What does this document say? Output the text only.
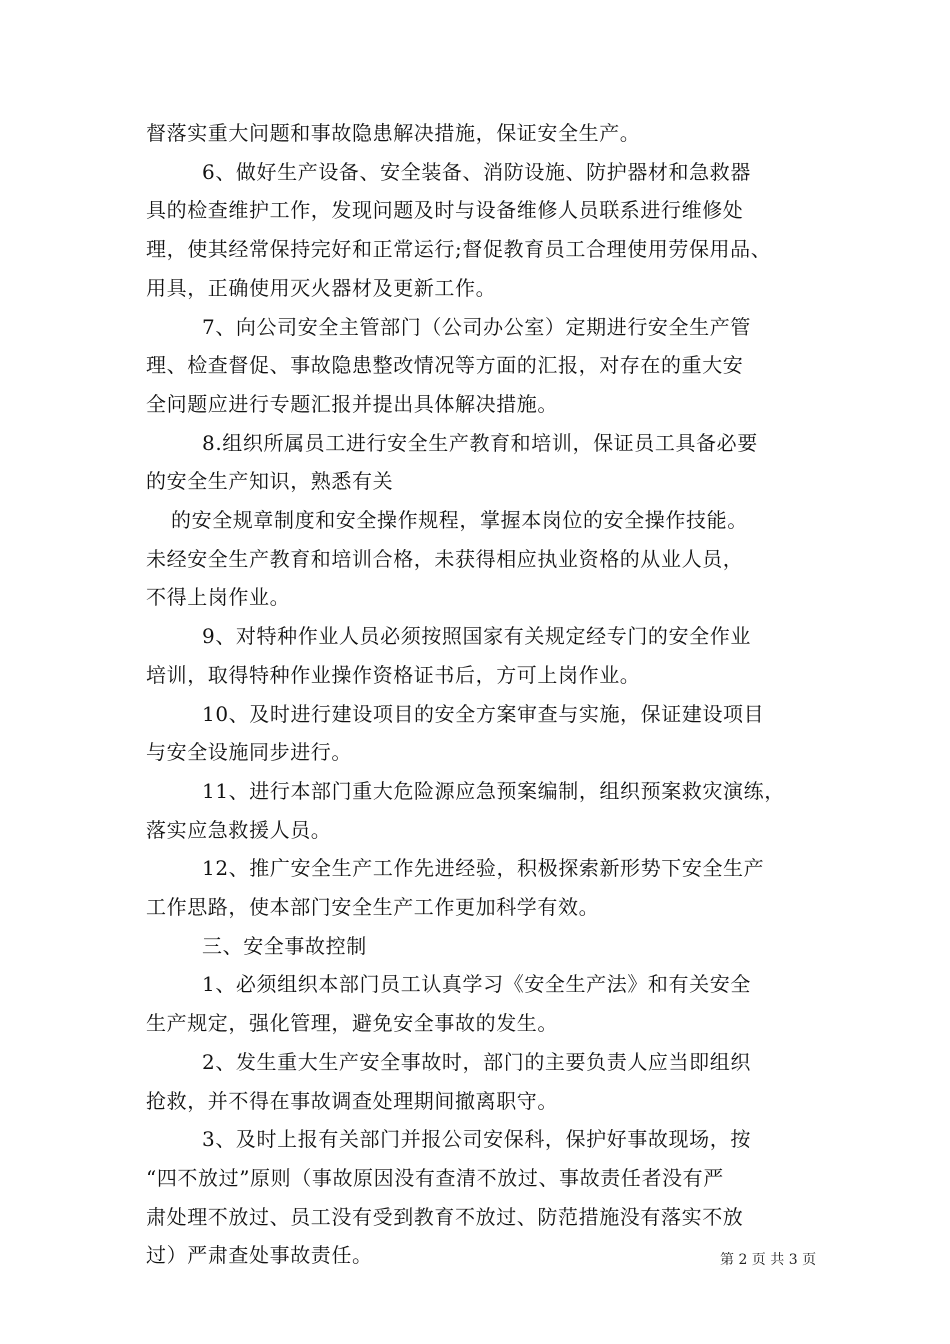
督落实重大问题和事故隐患解决措施，保证安全生产。
6、做好生产设备、安全装备、消防设施、防护器材和急救器
具的检查维护工作，发现问题及时与设备维修人员联系进行维修处
理，使其经常保持完好和正常运行;督促教育员工合理使用劳保用品、
用具，正确使用灭火器材及更新工作。
7、向公司安全主管部门（公司办公室）定期进行安全生产管
理、检查督促、事故隐患整改情况等方面的汇报，对存在的重大安
全问题应进行专题汇报并提出具体解决措施。
8.组织所属员工进行安全生产教育和培训，保证员工具备必要
的安全生产知识，熟悉有关
的安全规章制度和安全操作规程，掌握本岗位的安全操作技能。
未经安全生产教育和培训合格，未获得相应执业资格的从业人员，
不得上岗作业。
9、对特种作业人员必须按照国家有关规定经专门的安全作业
培训，取得特种作业操作资格证书后，方可上岗作业。
10、及时进行建设项目的安全方案审查与实施，保证建设项目
与安全设施同步进行。
11、进行本部门重大危险源应急预案编制，组织预案救灾演练，
落实应急救援人员。
12、推广安全生产工作先进经验，积极探索新形势下安全生产
工作思路，使本部门安全生产工作更加科学有效。
三、安全事故控制
1、必须组织本部门员工认真学习《安全生产法》和有关安全
生产规定，强化管理，避免安全事故的发生。
2、发生重大生产安全事故时，部门的主要负责人应当即组织
抢救，并不得在事故调查处理期间撤离职守。
3、及时上报有关部门并报公司安保科，保护好事故现场，按
“四不放过”原则（事故原因没有查清不放过、事故责任者没有严
肃处理不放过、员工没有受到教育不放过、防范措施没有落实不放
过）严肃查处事故责任。	第 2 页 共 3 页
